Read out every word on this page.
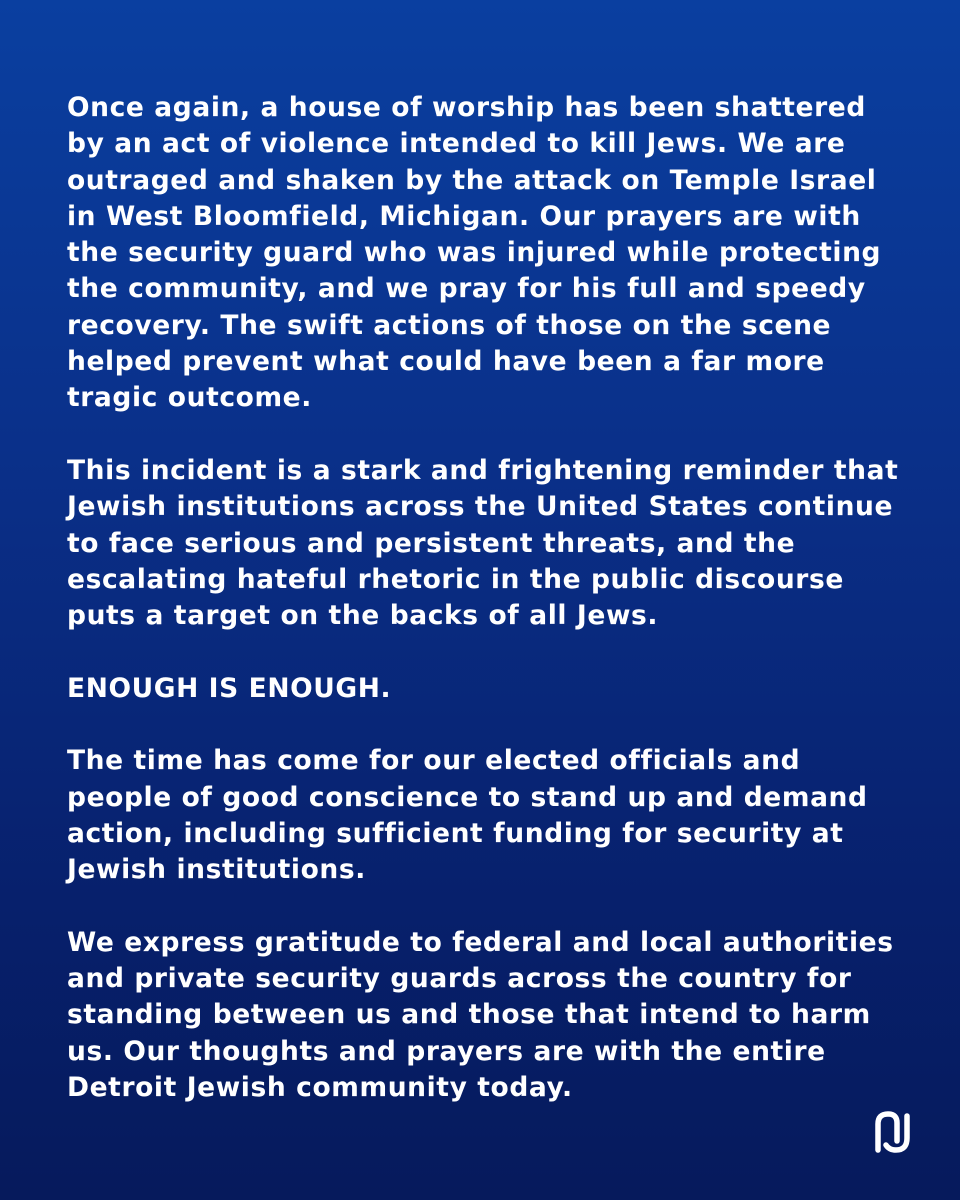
Once again, a house of worship has been shattered by an act of violence intended to kill Jews. We are outraged and shaken by the attack on Temple Israel in West Bloomfield, Michigan. Our prayers are with the security guard who was injured while protecting the community, and we pray for his full and speedy recovery. The swift actions of those on the scene helped prevent what could have been a far more tragic outcome.

This incident is a stark and frightening reminder that Jewish institutions across the United States continue to face serious and persistent threats, and the escalating hateful rhetoric in the public discourse puts a target on the backs of all Jews.

ENOUGH IS ENOUGH.

The time has come for our elected officials and people of good conscience to stand up and demand action, including sufficient funding for security at Jewish institutions.

We express gratitude to federal and local authorities and private security guards across the country for standing between us and those that intend to harm us. Our thoughts and prayers are with the entire Detroit Jewish community today.
